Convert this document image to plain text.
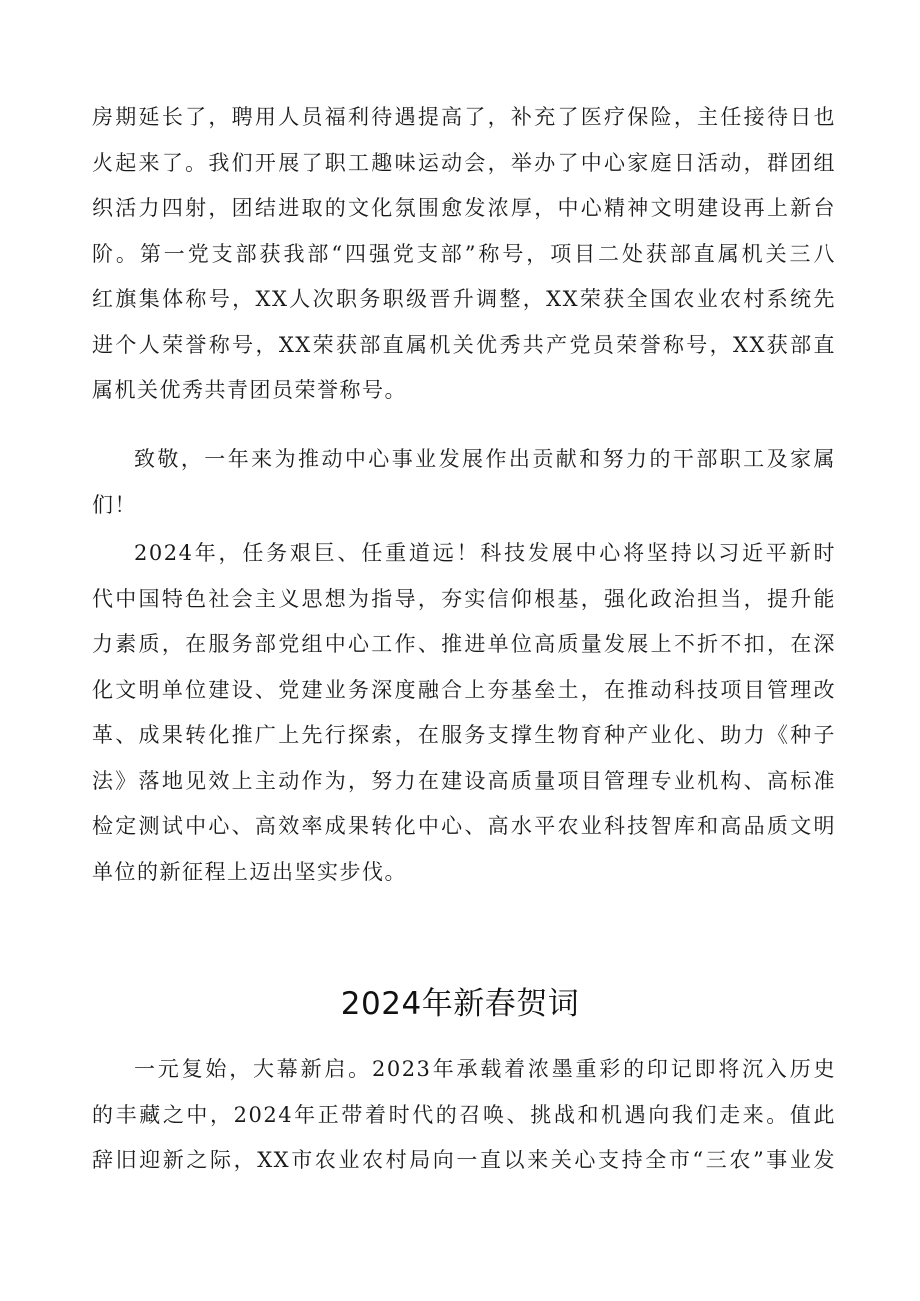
房期延长了，聘用人员福利待遇提高了，补充了医疗保险，主任接待日也
火起来了。我们开展了职工趣味运动会，举办了中心家庭日活动，群团组
织活力四射，团结进取的文化氛围愈发浓厚，中心精神文明建设再上新台
阶。第一党支部获我部“四强党支部”称号，项目二处获部直属机关三八
红旗集体称号，XX人次职务职级晋升调整，XX荣获全国农业农村系统先
进个人荣誉称号，XX荣获部直属机关优秀共产党员荣誉称号，XX获部直
属机关优秀共青团员荣誉称号。
致敬，一年来为推动中心事业发展作出贡献和努力的干部职工及家属
们！
2024年，任务艰巨、任重道远！科技发展中心将坚持以习近平新时
代中国特色社会主义思想为指导，夯实信仰根基，强化政治担当，提升能
力素质，在服务部党组中心工作、推进单位高质量发展上不折不扣，在深
化文明单位建设、党建业务深度融合上夯基垒土，在推动科技项目管理改
革、成果转化推广上先行探索，在服务支撑生物育种产业化、助力《种子
法》落地见效上主动作为，努力在建设高质量项目管理专业机构、高标准
检定测试中心、高效率成果转化中心、高水平农业科技智库和高品质文明
单位的新征程上迈出坚实步伐。
2024年新春贺词
一元复始，大幕新启。2023年承载着浓墨重彩的印记即将沉入历史
的丰藏之中，2024年正带着时代的召唤、挑战和机遇向我们走来。值此
辞旧迎新之际，XX市农业农村局向一直以来关心支持全市“三农”事业发
